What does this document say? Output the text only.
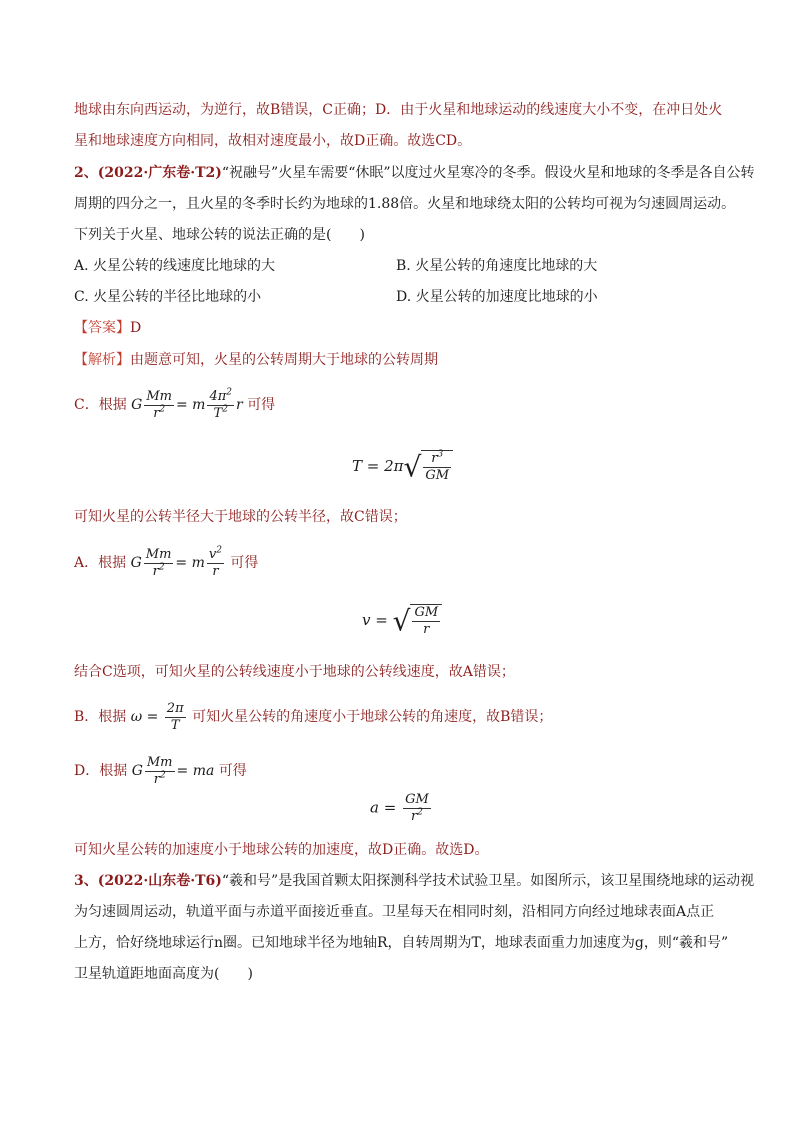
地球由东向西运动，为逆行，故B错误，C正确；D．由于火星和地球运动的线速度大小不变，在冲日处火
星和地球速度方向相同，故相对速度最小，故D正确。故选CD。
2、(2022·广东卷·T2)“祝融号”火星车需要“休眠”以度过火星寒冷的冬季。假设火星和地球的冬季是各自公转
周期的四分之一，且火星的冬季时长约为地球的1.88倍。火星和地球绕太阳的公转均可视为匀速圆周运动。
下列关于火星、地球公转的说法正确的是(　　)
A. 火星公转的线速度比地球的大	B. 火星公转的角速度比地球的大
C. 火星公转的半径比地球的小	D. 火星公转的加速度比地球的小
【答案】D
【解析】由题意可知，火星的公转周期大于地球的公转周期
C．根据 G $\frac{Mm}{r^2} = m \frac{4\pi^2}{T^2}$ r 可得
$T = 2\pi√ \frac{r^3}{GM}$
可知火星的公转半径大于地球的公转半径，故C错误；
A．根据 G $\frac{Mm}{r^2} = m \frac{v^2}{r}$ 可得
v = √ $\frac{GM}{r}$
结合C选项，可知火星的公转线速度小于地球的公转线速度，故A错误；
B．根据 $\omega = \frac{2\pi}{T}$ 可知火星公转的角速度小于地球公转的角速度，故B错误；
D．根据 G $\frac{Mm}{r^2}$ = ma 可得
$a = \frac{GM}{r^2}$
可知火星公转的加速度小于地球公转的加速度，故D正确。故选D。
3、(2022·山东卷·T6)“羲和号”是我国首颗太阳探测科学技术试验卫星。如图所示，该卫星围绕地球的运动视
为匀速圆周运动，轨道平面与赤道平面接近垂直。卫星每天在相同时刻，沿相同方向经过地球表面A点正
上方，恰好绕地球运行n圈。已知地球半径为地轴R，自转周期为T，地球表面重力加速度为g，则“羲和号”
卫星轨道距地面高度为(　　)
